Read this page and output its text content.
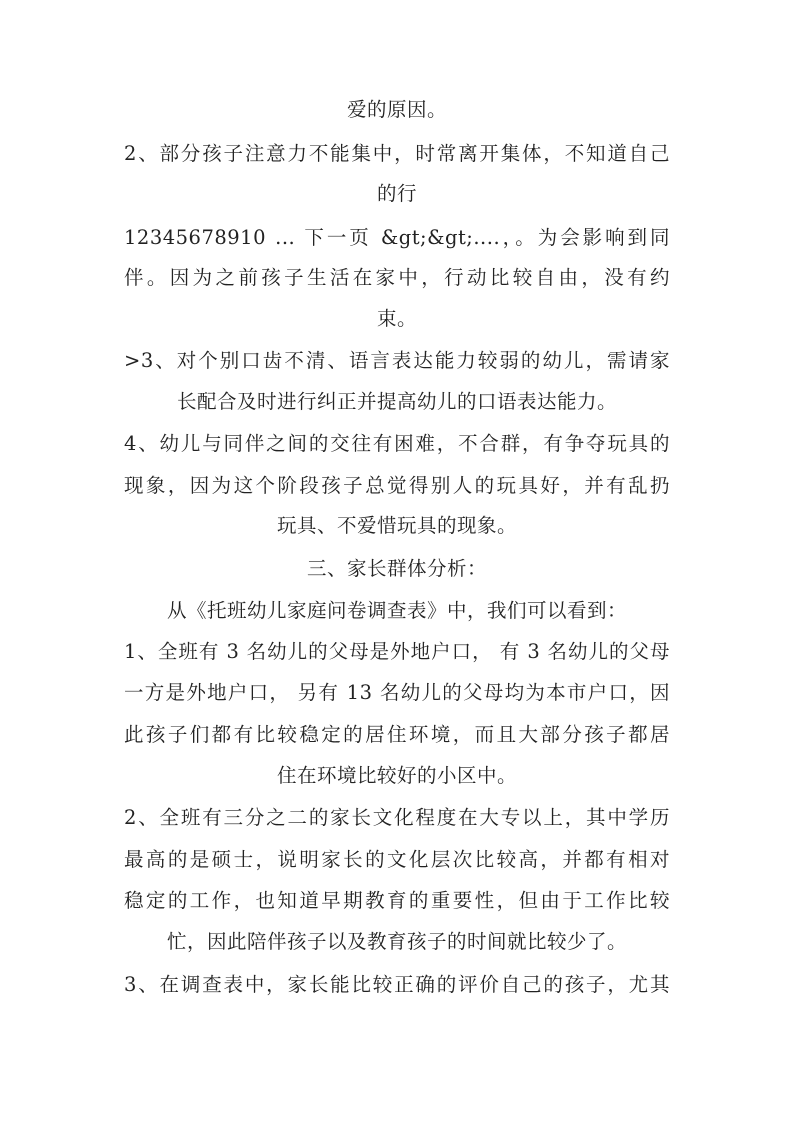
爱的原因。
2、部分孩子注意力不能集中，时常离开集体，不知道自己
的行
12345678910 ... 下一页 &gt;&gt;....，。为会影响到同
伴。因为之前孩子生活在家中，行动比较自由，没有约
束。
>3、对个别口齿不清、语言表达能力较弱的幼儿，需请家
长配合及时进行纠正并提高幼儿的口语表达能力。
4、幼儿与同伴之间的交往有困难，不合群，有争夺玩具的
现象，因为这个阶段孩子总觉得别人的玩具好，并有乱扔
玩具、不爱惜玩具的现象。
三、家长群体分析：
从《托班幼儿家庭问卷调查表》中，我们可以看到：
1、全班有 3 名幼儿的父母是外地户口， 有 3 名幼儿的父母
一方是外地户口， 另有 13 名幼儿的父母均为本市户口，因
此孩子们都有比较稳定的居住环境，而且大部分孩子都居
住在环境比较好的小区中。
2、全班有三分之二的家长文化程度在大专以上，其中学历
最高的是硕士，说明家长的文化层次比较高，并都有相对
稳定的工作，也知道早期教育的重要性，但由于工作比较
忙，因此陪伴孩子以及教育孩子的时间就比较少了。
3、在调查表中，家长能比较正确的评价自己的孩子，尤其
